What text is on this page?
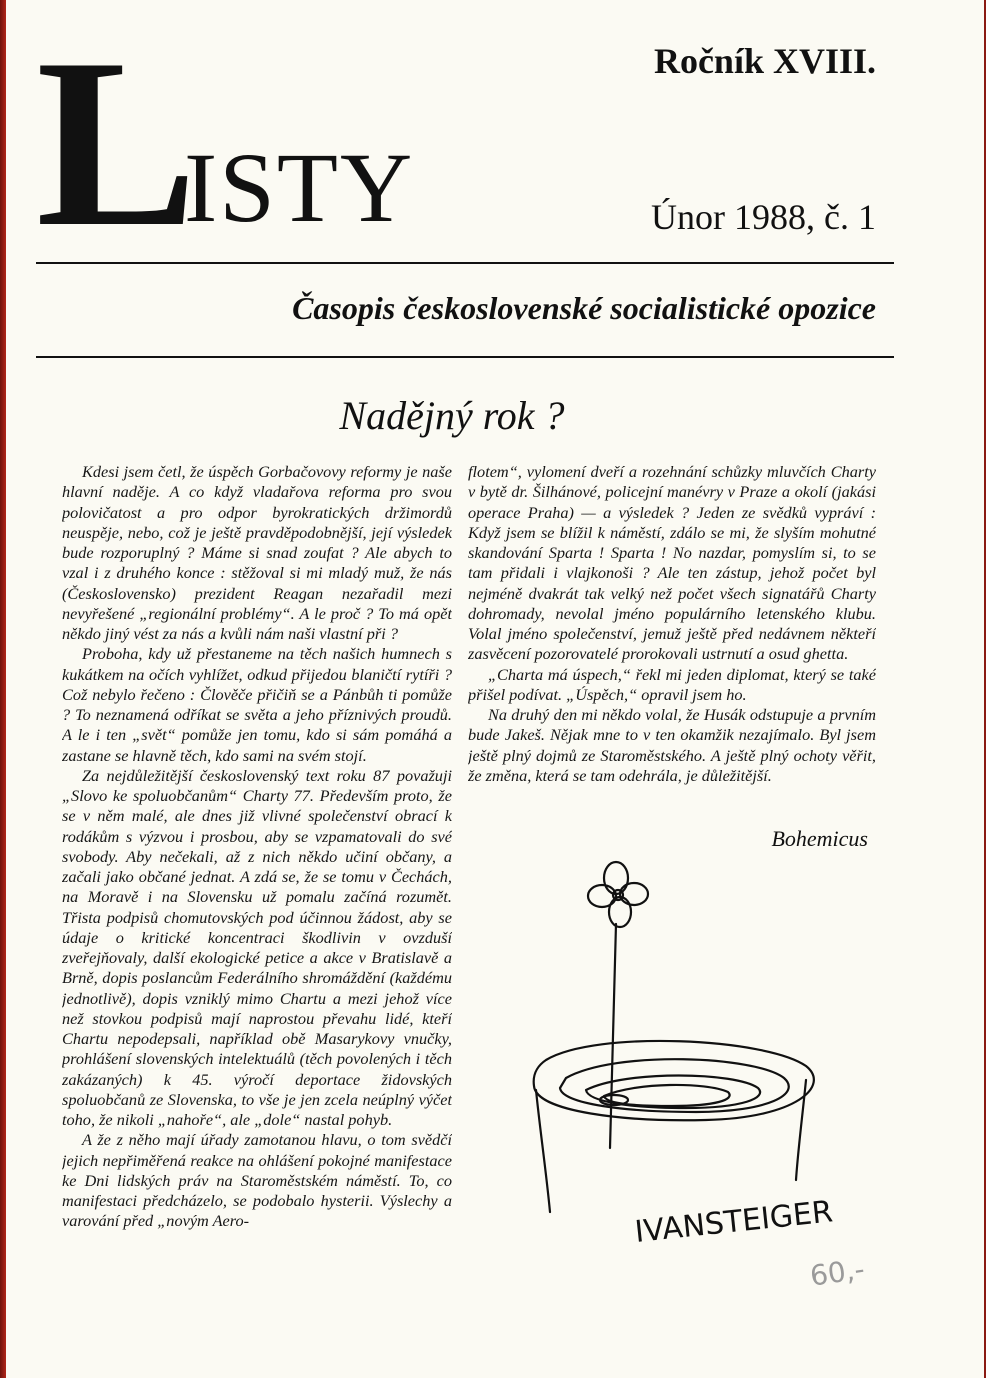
L
ISTY
Ročník XVIII.
Únor 1988, č. 1
Časopis československé socialistické opozice
Nadějný rok ?

Kdesi jsem četl, že úspěch Gorbačovovy reformy je naše hlavní naděje. A co když vladařova reforma pro svou polovičatost a pro odpor byrokratických držimordů neuspěje, nebo, což je ještě pravděpodobnější, její výsledek bude rozporuplný ? Máme si snad zoufat ? Ale abych to vzal i z druhého konce : stěžoval si mi mladý muž, že nás (Československo) prezident Reagan nezařadil mezi nevyřešené „regionální problémy“. A le proč ? To má opět někdo jiný vést za nás a kvůli nám naši vlastní při ?

Proboha, kdy už přestaneme na těch našich humnech s kukátkem na očích vyhlížet, odkud přijedou blaničtí rytíři ? Což nebylo řečeno : Člověče přičiň se a Pánbůh ti pomůže ? To neznamená odříkat se světa a jeho příznivých proudů. A le i ten „svět“ pomůže jen tomu, kdo si sám pomáhá a zastane se hlavně těch, kdo sami na svém stojí.

Za nejdůležitější československý text roku 87 považuji „Slovo ke spoluobčanům“ Charty 77. Především proto, že se v něm malé, ale dnes již vlivné společenství obrací k rodákům s výzvou i prosbou, aby se vzpamatovali do své svobody. Aby nečekali, až z nich někdo učiní občany, a začali jako občané jednat. A zdá se, že se tomu v Čechách, na Moravě i na Slovensku už pomalu začíná rozumět. Třista podpisů chomutovských pod účinnou žádost, aby se údaje o kritické koncentraci škodlivin v ovzduší zveřejňovaly, další ekologické petice a akce v Bratislavě a Brně, dopis poslancům Federálního shromáždění (každému jednotlivě), dopis vzniklý mimo Chartu a mezi jehož více než stovkou podpisů mají naprostou převahu lidé, kteří Chartu nepodepsali, například obě Masarykovy vnučky, prohlášení slovenských intelektuálů (těch povolených i těch zakázaných) k 45. výročí deportace židovských spoluobčanů ze Slovenska, to vše je jen zcela neúplný výčet toho, že nikoli „nahoře“, ale „dole“ nastal pohyb.

A že z něho mají úřady zamotanou hlavu, o tom svědčí jejich nepřiměřená reakce na ohlášení pokojné manifestace ke Dni lidských práv na Staroměstském náměstí. To, co manifestaci předcházelo, se podobalo hysterii. Výslechy a varování před „novým Aero-

flotem“, vylomení dveří a rozehnání schůzky mluvčích Charty v bytě dr. Šilhánové, policejní manévry v Praze a okolí (jakási operace Praha) — a výsledek ? Jeden ze svědků vypráví : Když jsem se blížil k náměstí, zdálo se mi, že slyším mohutné skandování Sparta ! Sparta ! No nazdar, pomyslím si, to se tam přidali i vlajkonoši ? Ale ten zástup, jehož počet byl nejméně dvakrát tak velký než počet všech signatářů Charty dohromady, nevolal jméno populárního letenského klubu. Volal jméno společenství, jemuž ještě před nedávnem někteří zasvěcení pozorovatelé prorokovali ustrnutí a osud ghetta.

„Charta má úspech,“ řekl mi jeden diplomat, který se také přišel podívat. „Úspěch,“ opravil jsem ho.

Na druhý den mi někdo volal, že Husák odstupuje a prvním bude Jakeš. Nějak mne to v ten okamžik nezajímalo. Byl jsem ještě plný dojmů ze Staroměstského. A ještě plný ochoty věřit, že změna, která se tam odehrála, je důležitější.

Bohemicus
IVANSTEIGER
60,-
